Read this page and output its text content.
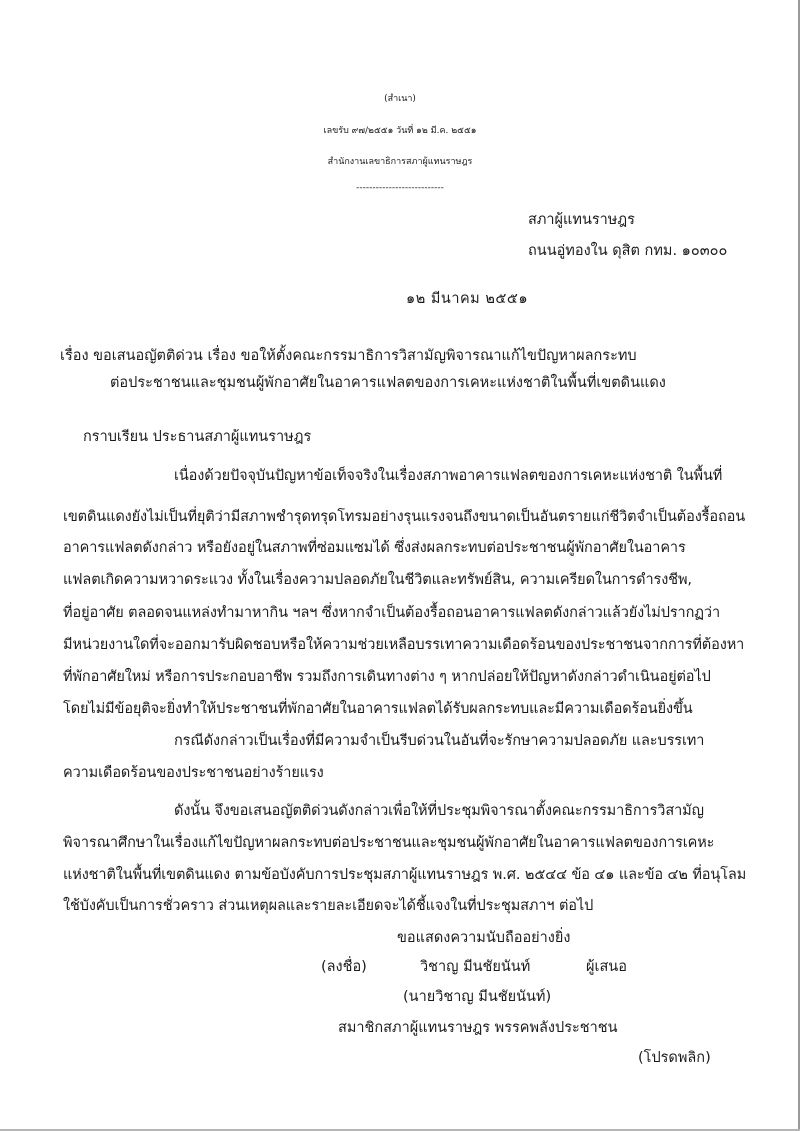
(สำเนา)
เลขรับ ๙๗/๒๕๕๑ วันที่ ๑๒ มี.ค. ๒๕๕๑
สำนักงานเลขาธิการสภาผู้แทนราษฎร
---------------------------
สภาผู้แทนราษฎร
ถนนอู่ทองใน ดุสิต กทม. ๑๐๓๐๐
๑๒ มีนาคม ๒๕๕๑
เรื่อง ขอเสนอญัตติด่วน เรื่อง ขอให้ตั้งคณะกรรมาธิการวิสามัญพิจารณาแก้ไขปัญหาผลกระทบ
ต่อประชาชนและชุมชนผู้พักอาศัยในอาคารแฟลตของการเคหะแห่งชาติในพื้นที่เขตดินแดง
กราบเรียน ประธานสภาผู้แทนราษฎร
เนื่องด้วยปัจจุบันปัญหาข้อเท็จจริงในเรื่องสภาพอาคารแฟลตของการเคหะแห่งชาติ ในพื้นที่
เขตดินแดงยังไม่เป็นที่ยุติว่ามีสภาพชำรุดทรุดโทรมอย่างรุนแรงจนถึงขนาดเป็นอันตรายแก่ชีวิตจำเป็นต้องรื้อถอน
อาคารแฟลตดังกล่าว หรือยังอยู่ในสภาพที่ซ่อมแซมได้ ซึ่งส่งผลกระทบต่อประชาชนผู้พักอาศัยในอาคาร
แฟลตเกิดความหวาดระแวง ทั้งในเรื่องความปลอดภัยในชีวิตและทรัพย์สิน, ความเครียดในการดำรงชีพ,
ที่อยู่อาศัย ตลอดจนแหล่งทำมาหากิน ฯลฯ ซึ่งหากจำเป็นต้องรื้อถอนอาคารแฟลตดังกล่าวแล้วยังไม่ปรากฏว่า
มีหน่วยงานใดที่จะออกมารับผิดชอบหรือให้ความช่วยเหลือบรรเทาความเดือดร้อนของประชาชนจากการที่ต้องหา
ที่พักอาศัยใหม่ หรือการประกอบอาชีพ รวมถึงการเดินทางต่าง ๆ หากปล่อยให้ปัญหาดังกล่าวดำเนินอยู่ต่อไป
โดยไม่มีข้อยุติจะยิ่งทำให้ประชาชนที่พักอาศัยในอาคารแฟลตได้รับผลกระทบและมีความเดือดร้อนยิ่งขึ้น
กรณีดังกล่าวเป็นเรื่องที่มีความจำเป็นรีบด่วนในอันที่จะรักษาความปลอดภัย และบรรเทา
ความเดือดร้อนของประชาชนอย่างร้ายแรง
ดังนั้น จึงขอเสนอญัตติด่วนดังกล่าวเพื่อให้ที่ประชุมพิจารณาตั้งคณะกรรมาธิการวิสามัญ
พิจารณาศึกษาในเรื่องแก้ไขปัญหาผลกระทบต่อประชาชนและชุมชนผู้พักอาศัยในอาคารแฟลตของการเคหะ
แห่งชาติในพื้นที่เขตดินแดง ตามข้อบังคับการประชุมสภาผู้แทนราษฎร พ.ศ. ๒๕๔๔ ข้อ ๔๑ และข้อ ๔๒ ที่อนุโลม
ใช้บังคับเป็นการชั่วคราว ส่วนเหตุผลและรายละเอียดจะได้ชี้แจงในที่ประชุมสภาฯ ต่อไป
ขอแสดงความนับถืออย่างยิ่ง
(ลงชื่อ)	วิชาญ มีนชัยนันท์	ผู้เสนอ
(นายวิชาญ มีนชัยนันท์)
สมาชิกสภาผู้แทนราษฎร พรรคพลังประชาชน
(โปรดพลิก)
